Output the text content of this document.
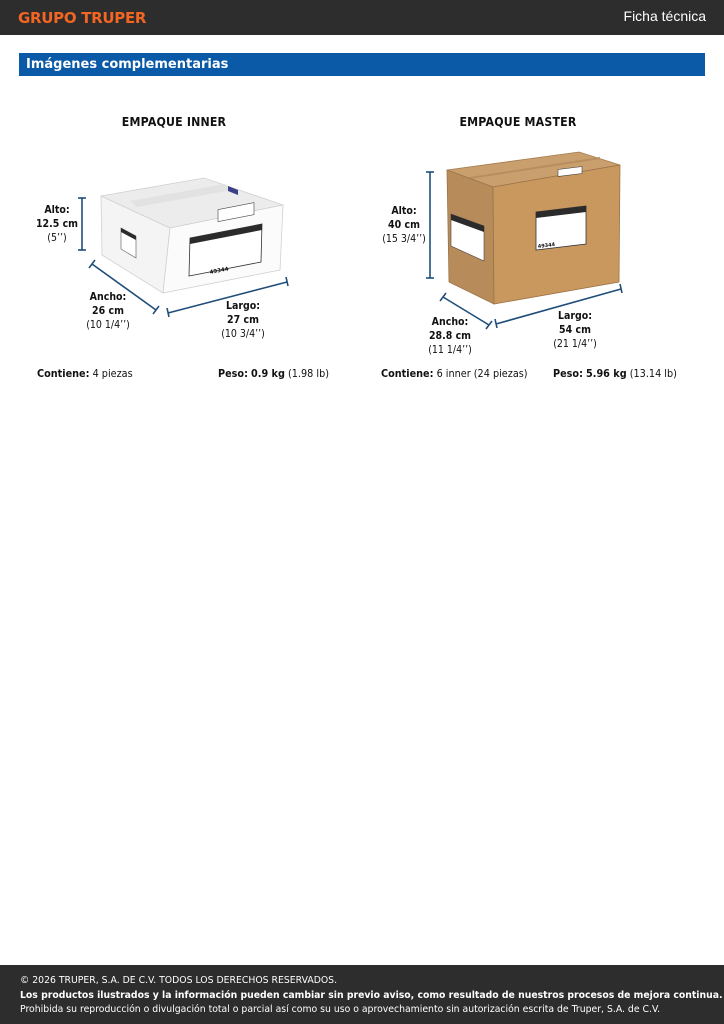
GRUPO TRUPER	Ficha técnica
Imágenes complementarias
EMPAQUE INNER	EMPAQUE MASTER
49344
49344
Alto:
12.5 cm
(5’’)
Ancho:
26 cm
(10 1/4’’)
Largo:
27 cm
(10 3/4’’)
Alto:
40 cm
(15 3/4’’)
Ancho:
28.8 cm
(11 1/4’’)
Largo:
54 cm
(21 1/4’’)
Contiene: 4 piezas	Peso: 0.9 kg (1.98 lb)	Contiene: 6 inner (24 piezas) Peso: 5.96 kg (13.14 lb)
© 2026 TRUPER, S.A. DE C.V. TODOS LOS DERECHOS RESERVADOS.
Los productos ilustrados y la información pueden cambiar sin previo aviso, como resultado de nuestros procesos de mejora continua.
Prohibida su reproducción o divulgación total o parcial así como su uso o aprovechamiento sin autorización escrita de Truper, S.A. de C.V.
